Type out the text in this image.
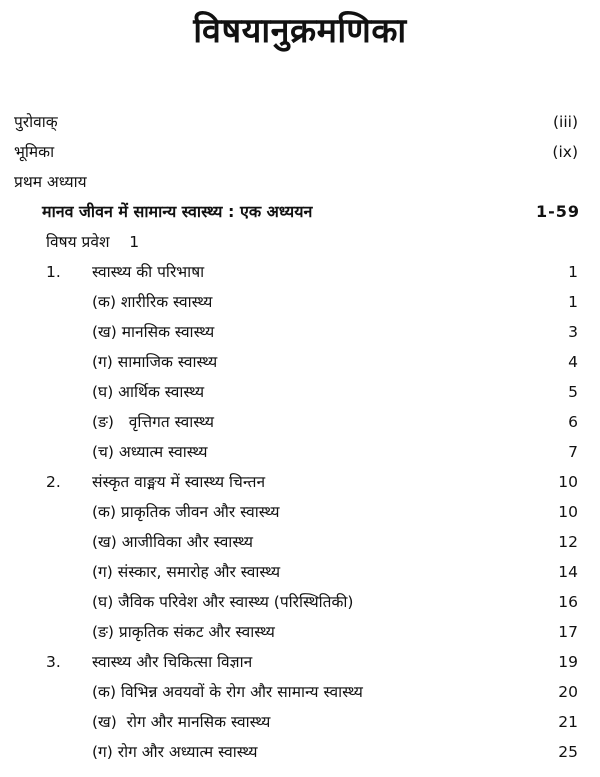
विषयानुक्रमणिका
पुरोवाक्	(iii)
भूमिका	(ix)
प्रथम अध्याय
मानव जीवन में सामान्य स्वास्थ्य : एक अध्ययन	1-59
विषय प्रवेश    1
1. स्वास्थ्य की परिभाषा	1
(क) शारीरिक स्वास्थ्य	1
(ख) मानसिक स्वास्थ्य	3
(ग) सामाजिक स्वास्थ्य	4
(घ) आर्थिक स्वास्थ्य	5
(ङ)   वृत्तिगत स्वास्थ्य	6
(च) अध्यात्म स्वास्थ्य	7
2. संस्कृत वाङ्मय में स्वास्थ्य चिन्तन	10
(क) प्राकृतिक जीवन और स्वास्थ्य	10
(ख) आजीविका और स्वास्थ्य	12
(ग) संस्कार, समारोह और स्वास्थ्य	14
(घ) जैविक परिवेश और स्वास्थ्य (परिस्थितिकी)	16
(ङ) प्राकृतिक संकट और स्वास्थ्य	17
3. स्वास्थ्य और चिकित्सा विज्ञान	19
(क) विभिन्न अवयवों के रोग और सामान्य स्वास्थ्य	20
(ख)  रोग और मानसिक स्वास्थ्य	21
(ग) रोग और अध्यात्म स्वास्थ्य	25
